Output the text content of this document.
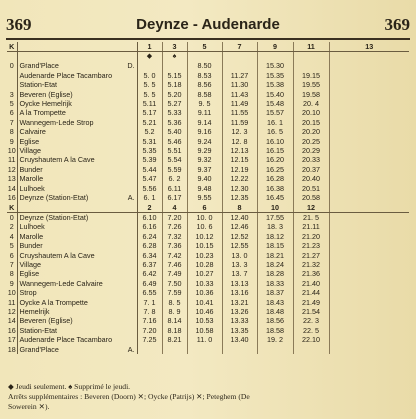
369	Deynze - Audenarde	369
K		1	3	5	7	9	11	13
		◆	♠					
0	Grand'Place D.			8.50		15.30		
	Audenarde Place Tacambaro	5. 0	5.15	8.53	11.27	15.35	19.15	
	Station-Etat	5. 5	5.18	8.56	11.30	15.38	19.55	
3	Beveren (Eglise)	5. 5	5.20	8.58	11.43	15.40	19.58	
5	Oycke Hemelrijk	5.11	5.27	9. 5	11.49	15.48	20. 4	
6	A la Trompette	5.17	5.33	9.11	11.55	15.57	20.10	
7	Wannegem-Lede Strop	5.21	5.36	9.14	11.59	16. 1	20.15	
8	Calvaire	5.2	5.40	9.16	12. 3	16. 5	20.20	
9	Eglise	5.31	5.46	9.24	12. 8	16.10	20.25	
10	Village	5.35	5.51	9.29	12.13	16.15	20.29	
11	Cruyshautem A la Cave	5.39	5.54	9.32	12.15	16.20	20.33	
12	Bunder	5.44	5.59	9.37	12.19	16.25	20.37	
13	Marolle	5.47	6. 2	9.40	12.22	16.28	20.40	
14	Lulhoek	5.56	6.11	9.48	12.30	16.38	20.51	
16	Deynze (Station-Etat) A.	6. 1	6.17	9.55	12.35	16.45	20.58	
K		2	4	6	8	10	12	
0	Deynze (Station-Etat)	6.10	7.20	10. 0	12.40	17.55	21. 5	
2	Lulhoek	6.16	7.26	10. 6	12.46	18. 3	21.11	
4	Marolle	6.24	7.32	10.12	12.52	18.12	21.20	
5	Bunder	6.28	7.36	10.15	12.55	18.15	21.23	
6	Cruyshautem A la Cave	6.34	7.42	10.23	13. 0	18.21	21.27	
7	Village	6.37	7.46	10.28	13. 3	18.24	21.32	
8	Eglise	6.42	7.49	10.27	13. 7	18.28	21.36	
9	Wannegem-Lede Calvaire	6.49	7.50	10.33	13.13	18.33	21.40	
10	Strop	6.55	7.59	10.36	13.16	18.37	21.44	
11	Oycke A la Trompette	7. 1	8. 5	10.41	13.21	18.43	21.49	
12	Hemelrijk	7. 8	8. 9	10.46	13.26	18.48	21.54	
14	Beveren (Eglise)	7.16	8.14	10.53	13.33	18.56	22. 3	
16	Station-Etat	7.20	8.18	10.58	13.35	18.58	22. 5	
17	Audenarde Place Tacambaro	7.25	8.21	11. 0	13.40	19. 2	22.10	
18	Grand'Place A.							

◆ Jeudi seulement. ♠ Supprimé le jeudi.
Arrêts supplémentaires : Beveren (Doorn) ✕; Oycke (Patrijs) ✕; Peteghem (De
Sowerein ✕).
